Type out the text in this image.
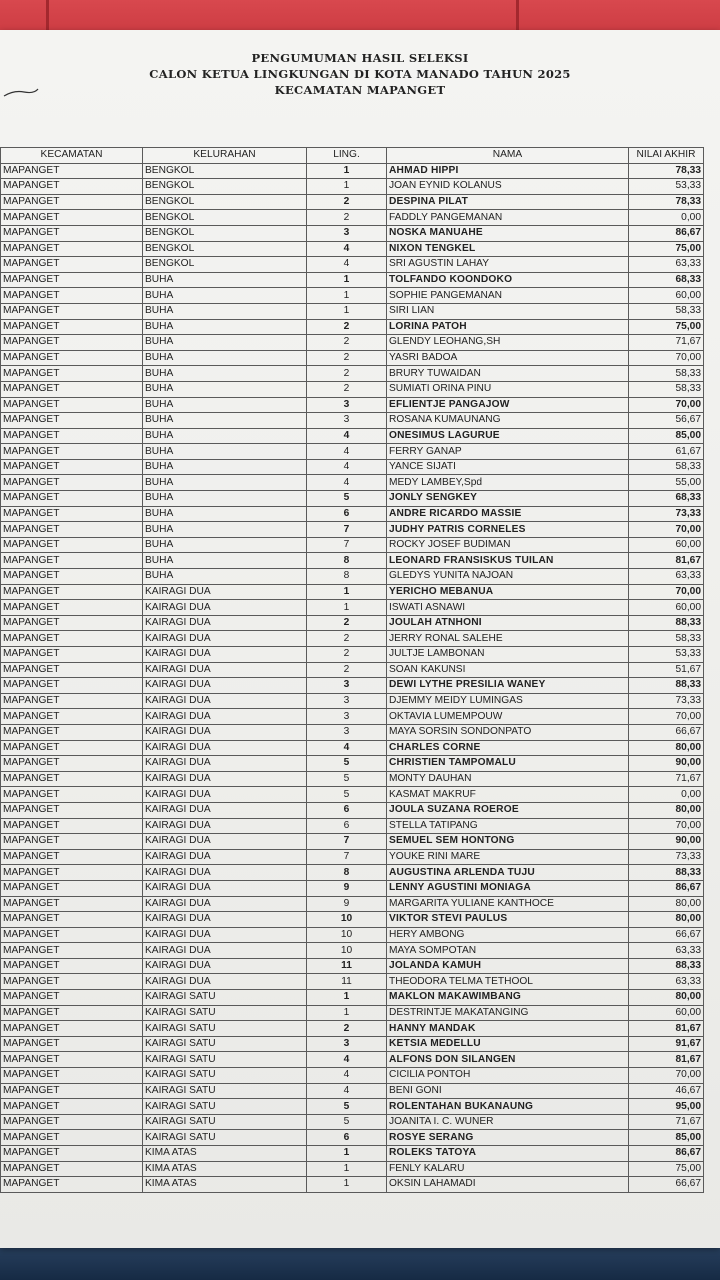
PENGUMUMAN HASIL SELEKSI
CALON KETUA LINGKUNGAN DI KOTA MANADO TAHUN 2025
KECAMATAN MAPANGET
KECAMATAN	KELURAHAN	LING.	NAMA	NILAI AKHIR
MAPANGET	BENGKOL	1	AHMAD HIPPI	78,33
MAPANGET	BENGKOL	1	JOAN EYNID KOLANUS	53,33
MAPANGET	BENGKOL	2	DESPINA PILAT	78,33
MAPANGET	BENGKOL	2	FADDLY PANGEMANAN	0,00
MAPANGET	BENGKOL	3	NOSKA MANUAHE	86,67
MAPANGET	BENGKOL	4	NIXON TENGKEL	75,00
MAPANGET	BENGKOL	4	SRI AGUSTIN LAHAY	63,33
MAPANGET	BUHA	1	TOLFANDO KOONDOKO	68,33
MAPANGET	BUHA	1	SOPHIE PANGEMANAN	60,00
MAPANGET	BUHA	1	SIRI LIAN	58,33
MAPANGET	BUHA	2	LORINA PATOH	75,00
MAPANGET	BUHA	2	GLENDY LEOHANG,SH	71,67
MAPANGET	BUHA	2	YASRI BADOA	70,00
MAPANGET	BUHA	2	BRURY TUWAIDAN	58,33
MAPANGET	BUHA	2	SUMIATI ORINA PINU	58,33
MAPANGET	BUHA	3	EFLIENTJE PANGAJOW	70,00
MAPANGET	BUHA	3	ROSANA KUMAUNANG	56,67
MAPANGET	BUHA	4	ONESIMUS LAGURUE	85,00
MAPANGET	BUHA	4	FERRY GANAP	61,67
MAPANGET	BUHA	4	YANCE SIJATI	58,33
MAPANGET	BUHA	4	MEDY LAMBEY,Spd	55,00
MAPANGET	BUHA	5	JONLY SENGKEY	68,33
MAPANGET	BUHA	6	ANDRE RICARDO MASSIE	73,33
MAPANGET	BUHA	7	JUDHY PATRIS CORNELES	70,00
MAPANGET	BUHA	7	ROCKY JOSEF BUDIMAN	60,00
MAPANGET	BUHA	8	LEONARD FRANSISKUS TUILAN	81,67
MAPANGET	BUHA	8	GLEDYS YUNITA NAJOAN	63,33
MAPANGET	KAIRAGI DUA	1	YERICHO MEBANUA	70,00
MAPANGET	KAIRAGI DUA	1	ISWATI ASNAWI	60,00
MAPANGET	KAIRAGI DUA	2	JOULAH ATNHONI	88,33
MAPANGET	KAIRAGI DUA	2	JERRY RONAL SALEHE	58,33
MAPANGET	KAIRAGI DUA	2	JULTJE LAMBONAN	53,33
MAPANGET	KAIRAGI DUA	2	SOAN KAKUNSI	51,67
MAPANGET	KAIRAGI DUA	3	DEWI LYTHE PRESILIA WANEY	88,33
MAPANGET	KAIRAGI DUA	3	DJEMMY MEIDY LUMINGAS	73,33
MAPANGET	KAIRAGI DUA	3	OKTAVIA LUMEMPOUW	70,00
MAPANGET	KAIRAGI DUA	3	MAYA SORSIN SONDONPATO	66,67
MAPANGET	KAIRAGI DUA	4	CHARLES CORNE	80,00
MAPANGET	KAIRAGI DUA	5	CHRISTIEN TAMPOMALU	90,00
MAPANGET	KAIRAGI DUA	5	MONTY DAUHAN	71,67
MAPANGET	KAIRAGI DUA	5	KASMAT MAKRUF	0,00
MAPANGET	KAIRAGI DUA	6	JOULA SUZANA ROEROE	80,00
MAPANGET	KAIRAGI DUA	6	STELLA TATIPANG	70,00
MAPANGET	KAIRAGI DUA	7	SEMUEL SEM HONTONG	90,00
MAPANGET	KAIRAGI DUA	7	YOUKE RINI MARE	73,33
MAPANGET	KAIRAGI DUA	8	AUGUSTINA ARLENDA TUJU	88,33
MAPANGET	KAIRAGI DUA	9	LENNY AGUSTINI MONIAGA	86,67
MAPANGET	KAIRAGI DUA	9	MARGARITA YULIANE KANTHOCE	80,00
MAPANGET	KAIRAGI DUA	10	VIKTOR STEVI PAULUS	80,00
MAPANGET	KAIRAGI DUA	10	HERY AMBONG	66,67
MAPANGET	KAIRAGI DUA	10	MAYA SOMPOTAN	63,33
MAPANGET	KAIRAGI DUA	11	JOLANDA KAMUH	88,33
MAPANGET	KAIRAGI DUA	11	THEODORA TELMA TETHOOL	63,33
MAPANGET	KAIRAGI SATU	1	MAKLON MAKAWIMBANG	80,00
MAPANGET	KAIRAGI SATU	1	DESTRINTJE MAKATANGING	60,00
MAPANGET	KAIRAGI SATU	2	HANNY MANDAK	81,67
MAPANGET	KAIRAGI SATU	3	KETSIA MEDELLU	91,67
MAPANGET	KAIRAGI SATU	4	ALFONS DON SILANGEN	81,67
MAPANGET	KAIRAGI SATU	4	CICILIA PONTOH	70,00
MAPANGET	KAIRAGI SATU	4	BENI GONI	46,67
MAPANGET	KAIRAGI SATU	5	ROLENTAHAN BUKANAUNG	95,00
MAPANGET	KAIRAGI SATU	5	JOANITA I. C. WUNER	71,67
MAPANGET	KAIRAGI SATU	6	ROSYE SERANG	85,00
MAPANGET	KIMA ATAS	1	ROLEKS TATOYA	86,67
MAPANGET	KIMA ATAS	1	FENLY KALARU	75,00
MAPANGET	KIMA ATAS	1	OKSIN LAHAMADI	66,67
